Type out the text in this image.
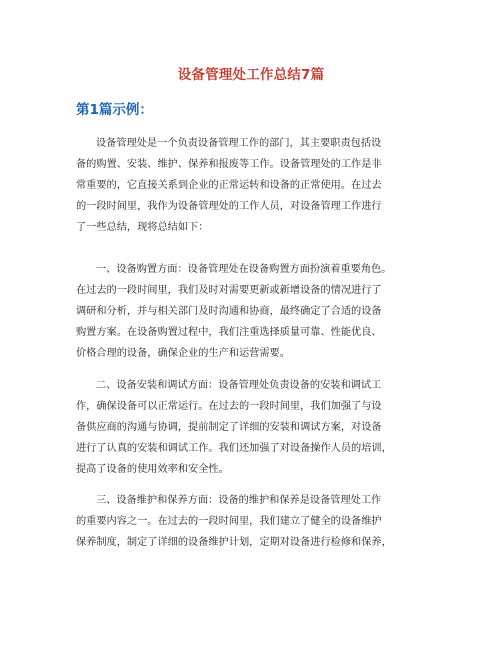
设备管理处工作总结7篇
第1篇示例：
设备管理处是一个负责设备管理工作的部门，其主要职责包括设
备的购置、安装、维护、保养和报废等工作。设备管理处的工作是非
常重要的，它直接关系到企业的正常运转和设备的正常使用。在过去
的一段时间里，我作为设备管理处的工作人员，对设备管理工作进行
了一些总结，现将总结如下：
一、设备购置方面：设备管理处在设备购置方面扮演着重要角色。
在过去的一段时间里，我们及时对需要更新或新增设备的情况进行了
调研和分析，并与相关部门及时沟通和协商，最终确定了合适的设备
购置方案。在设备购置过程中，我们注重选择质量可靠、性能优良、
价格合理的设备，确保企业的生产和运营需要。
二、设备安装和调试方面：设备管理处负责设备的安装和调试工
作，确保设备可以正常运行。在过去的一段时间里，我们加强了与设
备供应商的沟通与协调，提前制定了详细的安装和调试方案，对设备
进行了认真的安装和调试工作。我们还加强了对设备操作人员的培训，
提高了设备的使用效率和安全性。
三、设备维护和保养方面：设备的维护和保养是设备管理处工作
的重要内容之一。在过去的一段时间里，我们建立了健全的设备维护
保养制度，制定了详细的设备维护计划，定期对设备进行检修和保养，
